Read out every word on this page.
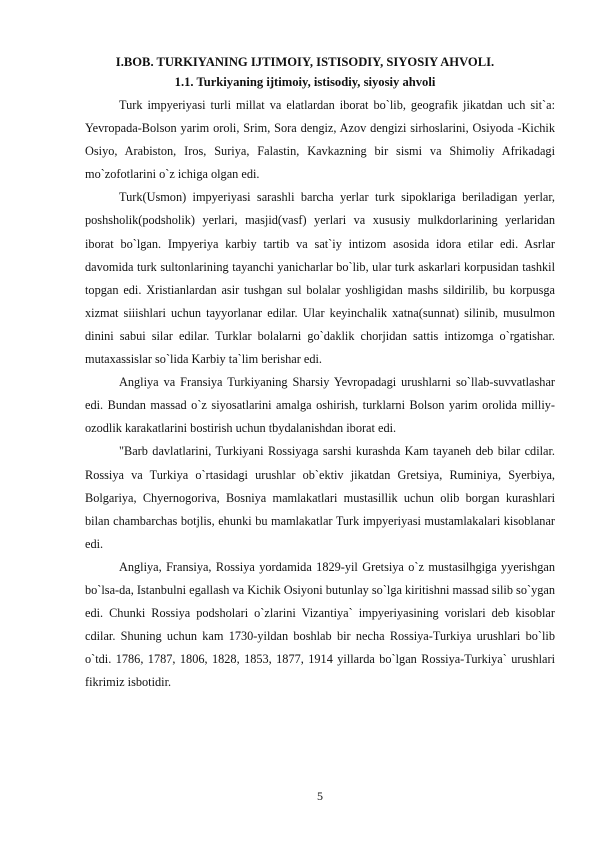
I.BOB. TURKIYANING IJTIMOIY, ISTISODIY, SIYOSIY AHVOLI.
1.1. Turkiyaning ijtimoiy, istisodiy, siyosiy ahvoli

Turk impyeriyasi turli millat va elatlardan iborat bo`lib, geografik jikatdan uch sit`a: Yevropada-Bolson yarim oroli, Srim, Sora dengiz, Azov dengizi sirhoslarini, Osiyoda -Kichik Osiyo, Arabiston, Iros, Suriya, Falastin, Kavkazning bir sismi va Shimoliy Afrikadagi mo`zofotlarini o`z ichiga olgan edi.

Turk(Usmon) impyeriyasi sarashli barcha yerlar turk sipoklariga beriladigan yerlar, poshsholik(podsholik) yerlari, masjid(vasf) yerlari va xususiy mulkdorlarining yerlaridan iborat bo`lgan. Impyeriya karbiy tartib va sat`iy intizom asosida idora etilar edi. Asrlar davomida turk sultonlarining tayanchi yanicharlar bo`lib, ular turk askarlari korpusidan tashkil topgan edi. Xristianlardan asir tushgan sul bolalar yoshligidan mashs sildirilib, bu korpusga xizmat siiishlari uchun tayyorlanar edilar. Ular keyinchalik xatna(sunnat) silinib, musulmon dinini sabui silar edilar. Turklar bolalarni go`daklik chorjidan sattis intizomga o`rgatishar. mutaxassislar so`lida Karbiy ta`lim berishar edi.

Angliya va Fransiya Turkiyaning Sharsiy Yevropadagi urushlarni so`llab-suvvatlashar edi. Bundan massad o`z siyosatlarini amalga oshirish, turklarni Bolson yarim orolida milliy-ozodlik karakatlarini bostirish uchun tbydalanishdan iborat edi.

"Barb davlatlarini, Turkiyani Rossiyaga sarshi kurashda Kam tayaneh deb bilar cdilar. Rossiya va Turkiya o`rtasidagi urushlar ob`ektiv jikatdan Gretsiya, Ruminiya, Syerbiya, Bolgariya, Chyernogoriva, Bosniya mamlakatlari mustasillik uchun olib borgan kurashlari bilan chambarchas botjlis, ehunki bu mamlakatlar Turk impyeriyasi mustamlakalari kisoblanar edi.

Angliya, Fransiya, Rossiya yordamida 1829-yil Gretsiya o`z mustasilhgiga yyerishgan bo`lsa-da, Istanbulni egallash va Kichik Osiyoni butunlay so`lga kiritishni massad silib so`ygan edi. Chunki Rossiya podsholari o`zlarini Vizantiya` impyeriyasining vorislari deb kisoblar cdilar. Shuning uchun kam 1730-yildan boshlab bir necha Rossiya-Turkiya urushlari bo`lib o`tdi. 1786, 1787, 1806, 1828, 1853, 1877, 1914 yillarda bo`lgan Rossiya-Turkiya` urushlari fikrimiz isbotidir.

5
